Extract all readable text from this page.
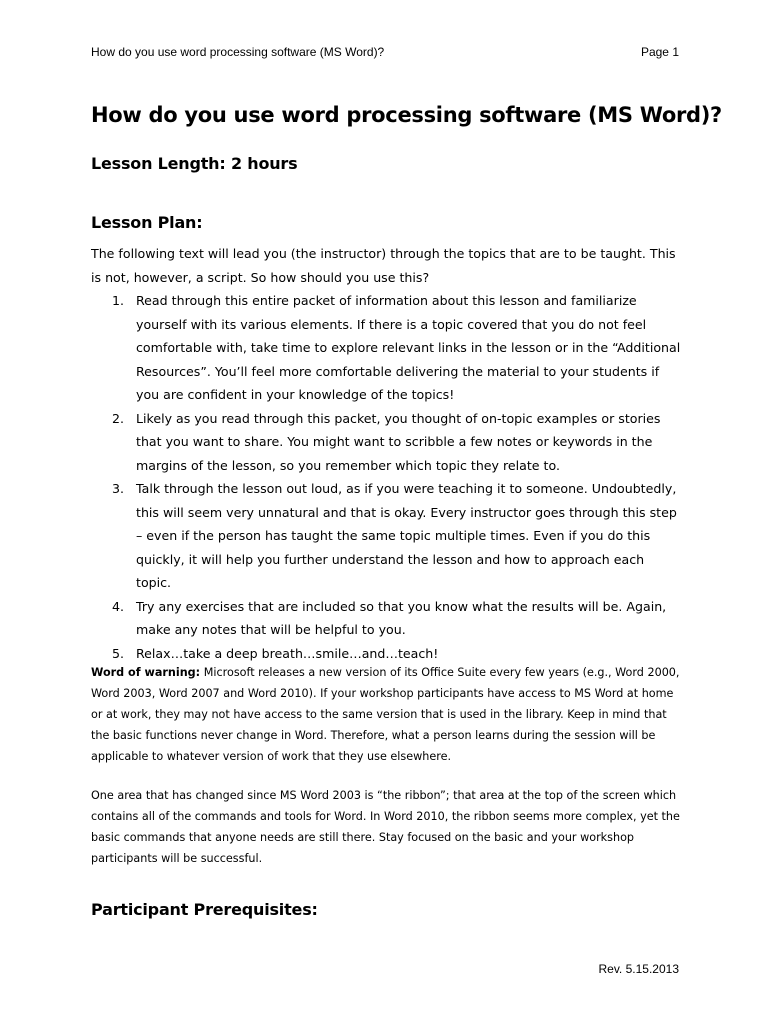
How do you use word processing software (MS Word)?	Page 1
How do you use word processing software (MS Word)?
Lesson Length: 2 hours
Lesson Plan:

The following text will lead you (the instructor) through the topics that are to be taught. This is not, however, a script. So how should you use this?

1. Read through this entire packet of information about this lesson and familiarize yourself with its various elements. If there is a topic covered that you do not feel comfortable with, take time to explore relevant links in the lesson or in the “Additional Resources”. You’ll feel more comfortable delivering the material to your students if you are confident in your knowledge of the topics!
2. Likely as you read through this packet, you thought of on-topic examples or stories that you want to share. You might want to scribble a few notes or keywords in the margins of the lesson, so you remember which topic they relate to.
3. Talk through the lesson out loud, as if you were teaching it to someone. Undoubtedly, this will seem very unnatural and that is okay. Every instructor goes through this step – even if the person has taught the same topic multiple times. Even if you do this quickly, it will help you further understand the lesson and how to approach each topic.
4. Try any exercises that are included so that you know what the results will be. Again, make any notes that will be helpful to you.
5. Relax…take a deep breath…smile…and…teach!

Word of warning: Microsoft releases a new version of its Office Suite every few years (e.g., Word 2000, Word 2003, Word 2007 and Word 2010). If your workshop participants have access to MS Word at home or at work, they may not have access to the same version that is used in the library. Keep in mind that the basic functions never change in Word. Therefore, what a person learns during the session will be applicable to whatever version of work that they use elsewhere.

One area that has changed since MS Word 2003 is “the ribbon”; that area at the top of the screen which contains all of the commands and tools for Word. In Word 2010, the ribbon seems more complex, yet the basic commands that anyone needs are still there. Stay focused on the basic and your workshop participants will be successful.

Participant Prerequisites:
Rev. 5.15.2013
